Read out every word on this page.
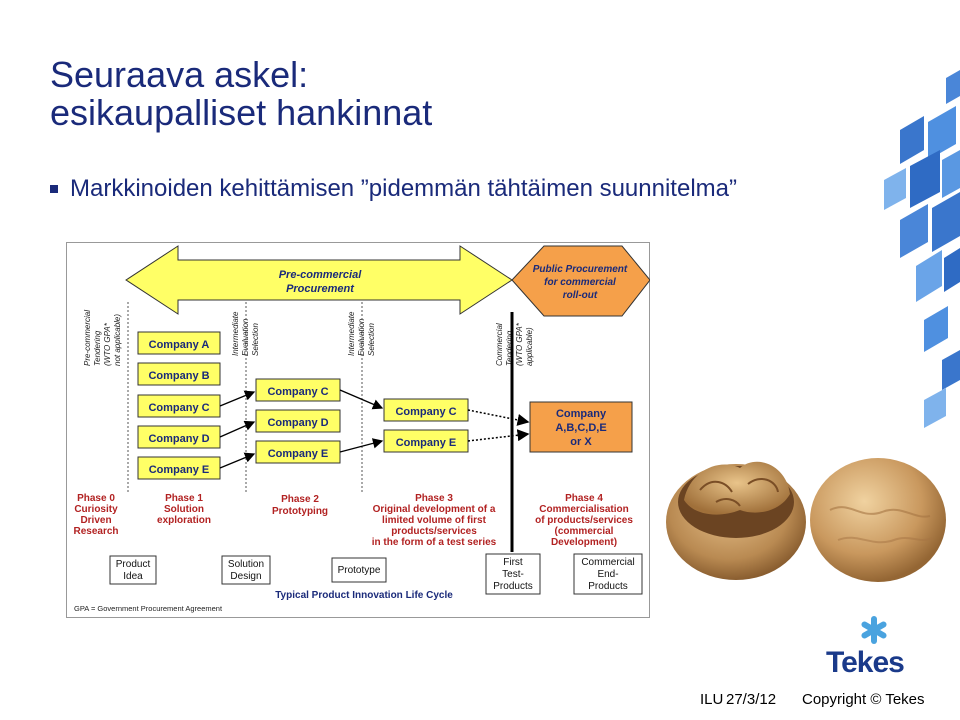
Seuraava askel:
esikaupalliset hankinnat
Markkinoiden kehittämisen ”pidemmän tähtäimen suunnitelma”
Pre-commercial
Procurement
Public Procurement
for commercial
roll-out
Pre-commercial Tendering (WTO GPA* not applicable)	Intermediate Evaluation Selection	Intermediate Evaluation Selection	Commercial Tendering (WTO GPA* applicable)
Company A
Company B
Company C
Company D
Company E
Company C
Company D
Company E
Company C
Company E
Company
A,B,C,D,E
or X
Phase 0
Curiosity
Driven
Research
Phase 1
Solution
exploration
Phase 2
Prototyping
Phase 3
Original development of a
limited volume of first
products/services
in the form of a test series
Phase 4
Commercialisation
of products/services
(commercial
Development)
Product
Idea
Solution
Design
Prototype
First
Test-
Products
Commercial
End-
Products
Typical Product Innovation Life Cycle
GPA = Government Procurement Agreement
Tekes
ILU 27/3/12 Copyright © Tekes
